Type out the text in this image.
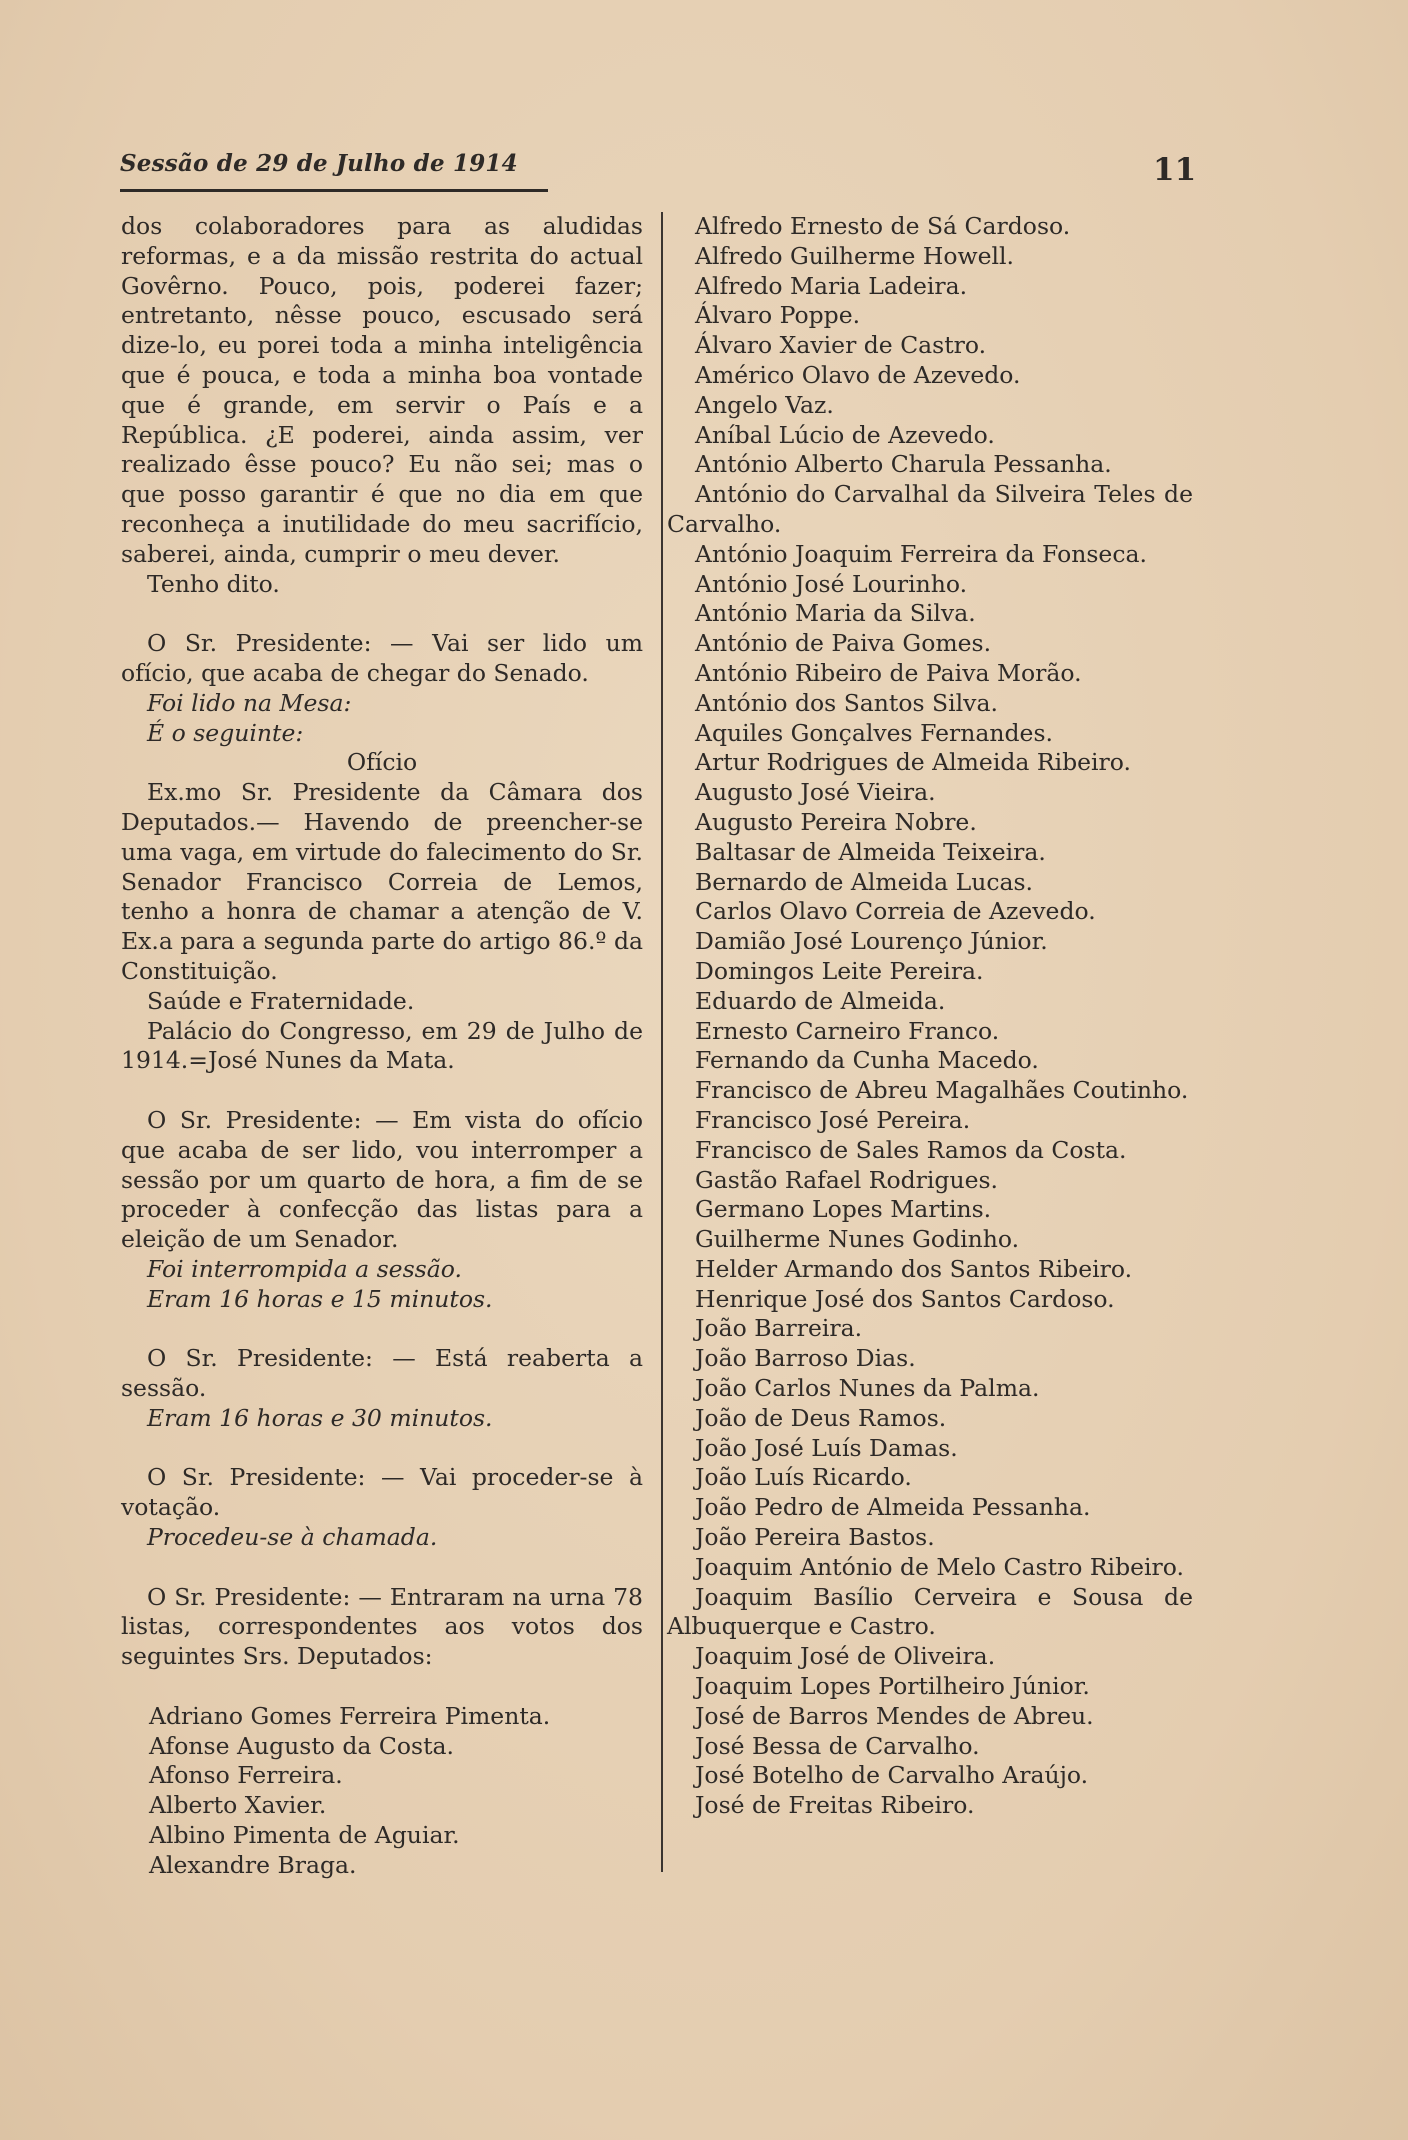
Sessão de 29 de Julho de 1914	11

dos colaboradores para as aludidas reformas, e a da missão restrita do actual Govêrno. Pouco, pois, poderei fazer; entretanto, nêsse pouco, escusado será dize-lo, eu porei toda a minha inteligência que é pouca, e toda a minha boa vontade que é grande, em servir o País e a República. ¿E poderei, ainda assim, ver realizado êsse pouco? Eu não sei; mas o que posso garantir é que no dia em que reconheça a inutilidade do meu sacrifício, saberei, ainda, cumprir o meu dever.

Tenho dito.

O Sr. Presidente: — Vai ser lido um ofício, que acaba de chegar do Senado.

Foi lido na Mesa:

É o seguinte:

Ofício

Ex.mo Sr. Presidente da Câmara dos Deputados.— Havendo de preencher-se uma vaga, em virtude do falecimento do Sr. Senador Francisco Correia de Lemos, tenho a honra de chamar a atenção de V. Ex.a para a segunda parte do artigo 86.º da Constituição.

Saúde e Fraternidade.

Palácio do Congresso, em 29 de Julho de 1914.=José Nunes da Mata.

O Sr. Presidente: — Em vista do ofício que acaba de ser lido, vou interromper a sessão por um quarto de hora, a fim de se proceder à confecção das listas para a eleição de um Senador.

Foi interrompida a sessão.

Eram 16 horas e 15 minutos.

O Sr. Presidente: — Está reaberta a sessão.

Eram 16 horas e 30 minutos.

O Sr. Presidente: — Vai proceder-se à votação.

Procedeu-se à chamada.

O Sr. Presidente: — Entraram na urna 78 listas, correspondentes aos votos dos seguintes Srs. Deputados:

Adriano Gomes Ferreira Pimenta.

Afonse Augusto da Costa.

Afonso Ferreira.

Alberto Xavier.

Albino Pimenta de Aguiar.

Alexandre Braga.

Alfredo Ernesto de Sá Cardoso.

Alfredo Guilherme Howell.

Alfredo Maria Ladeira.

Álvaro Poppe.

Álvaro Xavier de Castro.

Américo Olavo de Azevedo.

Angelo Vaz.

Aníbal Lúcio de Azevedo.

António Alberto Charula Pessanha.

António do Carvalhal da Silveira Teles de Carvalho.

António Joaquim Ferreira da Fonseca.

António José Lourinho.

António Maria da Silva.

António de Paiva Gomes.

António Ribeiro de Paiva Morão.

António dos Santos Silva.

Aquiles Gonçalves Fernandes.

Artur Rodrigues de Almeida Ribeiro.

Augusto José Vieira.

Augusto Pereira Nobre.

Baltasar de Almeida Teixeira.

Bernardo de Almeida Lucas.

Carlos Olavo Correia de Azevedo.

Damião José Lourenço Júnior.

Domingos Leite Pereira.

Eduardo de Almeida.

Ernesto Carneiro Franco.

Fernando da Cunha Macedo.

Francisco de Abreu Magalhães Coutinho.

Francisco José Pereira.

Francisco de Sales Ramos da Costa.

Gastão Rafael Rodrigues.

Germano Lopes Martins.

Guilherme Nunes Godinho.

Helder Armando dos Santos Ribeiro.

Henrique José dos Santos Cardoso.

João Barreira.

João Barroso Dias.

João Carlos Nunes da Palma.

João de Deus Ramos.

João José Luís Damas.

João Luís Ricardo.

João Pedro de Almeida Pessanha.

João Pereira Bastos.

Joaquim António de Melo Castro Ribeiro.

Joaquim Basílio Cerveira e Sousa de Albuquerque e Castro.

Joaquim José de Oliveira.

Joaquim Lopes Portilheiro Júnior.

José de Barros Mendes de Abreu.

José Bessa de Carvalho.

José Botelho de Carvalho Araújo.

José de Freitas Ribeiro.
